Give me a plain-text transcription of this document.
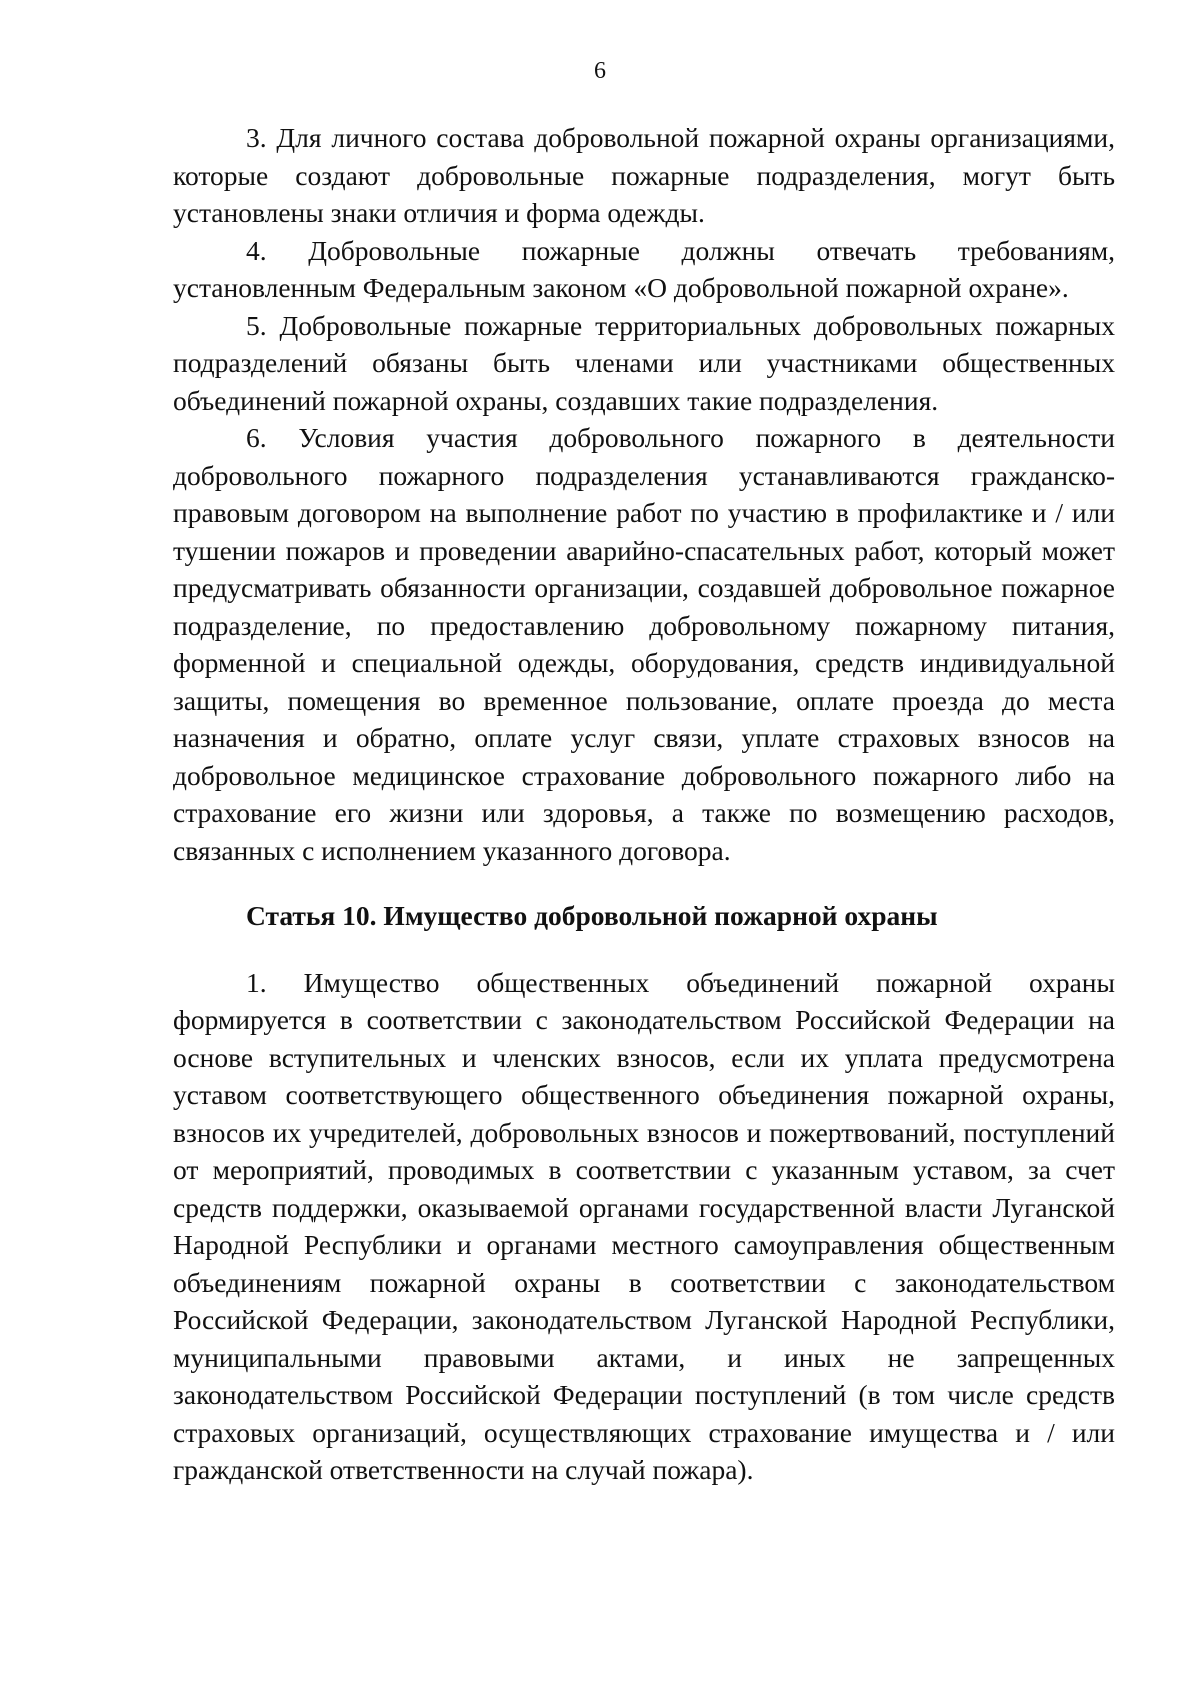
6

3. Для личного состава добровольной пожарной охраны организациями, которые создают добровольные пожарные подразделения, могут быть установлены знаки отличия и форма одежды.

4. Добровольные пожарные должны отвечать требованиям, установленным Федеральным законом «О добровольной пожарной охране».

5. Добровольные пожарные территориальных добровольных пожарных подразделений обязаны быть членами или участниками общественных объединений пожарной охраны, создавших такие подразделения.

6. Условия участия добровольного пожарного в деятельности добровольного пожарного подразделения устанавливаются гражданско-правовым договором на выполнение работ по участию в профилактике и / или тушении пожаров и проведении аварийно-спасательных работ, который может предусматривать обязанности организации, создавшей добровольное пожарное подразделение, по предоставлению добровольному пожарному питания, форменной и специальной одежды, оборудования, средств индивидуальной защиты, помещения во временное пользование, оплате проезда до места назначения и обратно, оплате услуг связи, уплате страховых взносов на добровольное медицинское страхование добровольного пожарного либо на страхование его жизни или здоровья, а также по возмещению расходов, связанных с исполнением указанного договора.

Статья 10. Имущество добровольной пожарной охраны

1. Имущество общественных объединений пожарной охраны формируется в соответствии с законодательством Российской Федерации на основе вступительных и членских взносов, если их уплата предусмотрена уставом соответствующего общественного объединения пожарной охраны, взносов их учредителей, добровольных взносов и пожертвований, поступлений от мероприятий, проводимых в соответствии с указанным уставом, за счет средств поддержки, оказываемой органами государственной власти Луганской Народной Республики и органами местного самоуправления общественным объединениям пожарной охраны в соответствии с законодательством Российской Федерации, законодательством Луганской Народной Республики, муниципальными правовыми актами, и иных не запрещенных законодательством Российской Федерации поступлений (в том числе средств страховых организаций, осуществляющих страхование имущества и / или гражданской ответственности на случай пожара).
